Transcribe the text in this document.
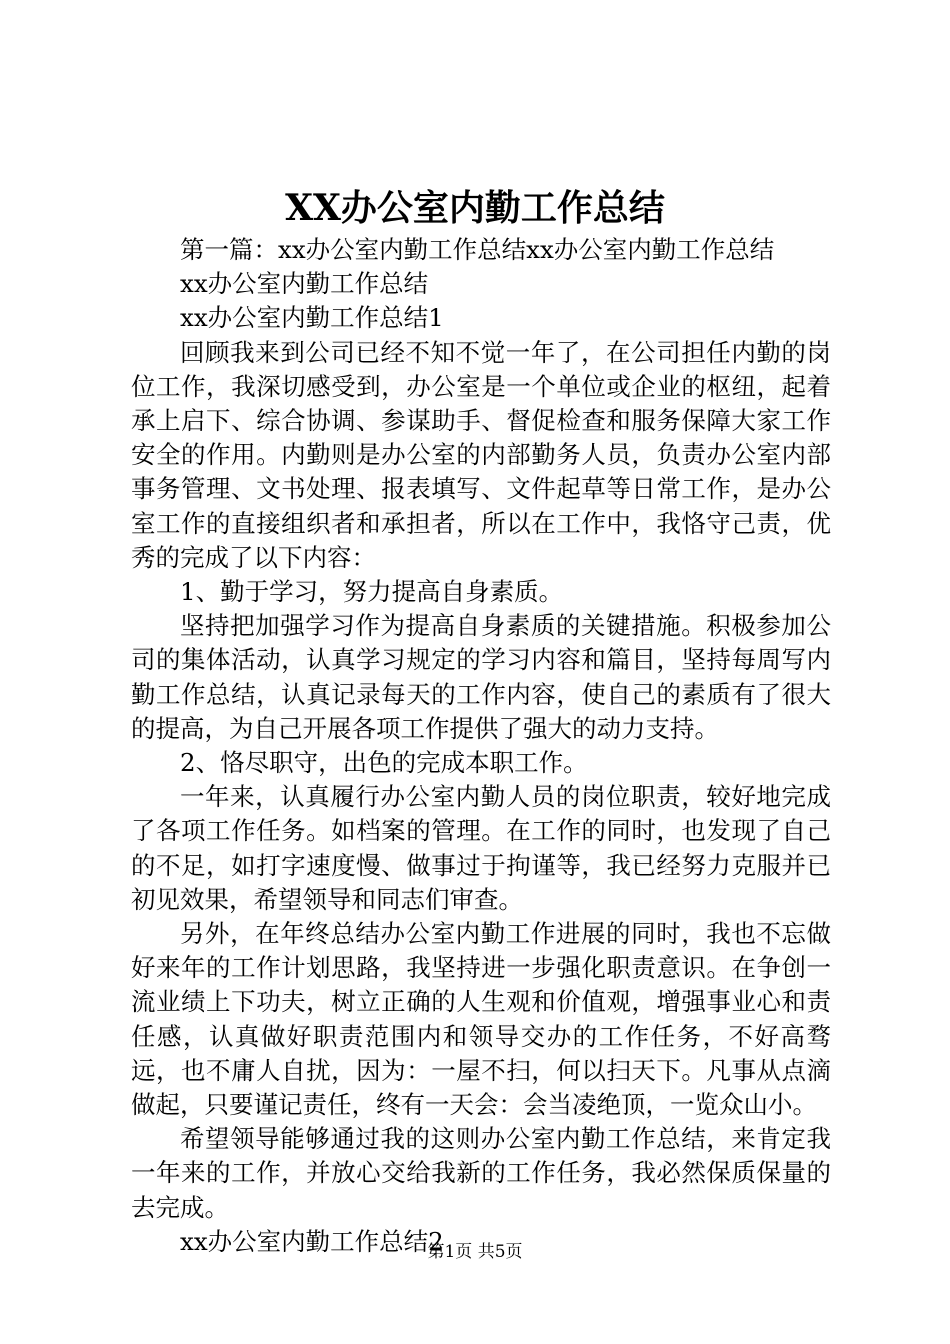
XX办公室内勤工作总结

第一篇：xx办公室内勤工作总结xx办公室内勤工作总结

xx办公室内勤工作总结

xx办公室内勤工作总结1

回顾我来到公司已经不知不觉一年了，在公司担任内勤的岗位工作，我深切感受到，办公室是一个单位或企业的枢纽，起着承上启下、综合协调、参谋助手、督促检查和服务保障大家工作安全的作用。内勤则是办公室的内部勤务人员，负责办公室内部事务管理、文书处理、报表填写、文件起草等日常工作，是办公室工作的直接组织者和承担者，所以在工作中，我恪守己责，优秀的完成了以下内容：

1、勤于学习，努力提高自身素质。

坚持把加强学习作为提高自身素质的关键措施。积极参加公司的集体活动，认真学习规定的学习内容和篇目，坚持每周写内勤工作总结，认真记录每天的工作内容，使自己的素质有了很大的提高，为自己开展各项工作提供了强大的动力支持。

2、恪尽职守，出色的完成本职工作。

一年来，认真履行办公室内勤人员的岗位职责，较好地完成了各项工作任务。如档案的管理。在工作的同时，也发现了自己的不足，如打字速度慢、做事过于拘谨等，我已经努力克服并已初见效果，希望领导和同志们审查。

另外，在年终总结办公室内勤工作进展的同时，我也不忘做好来年的工作计划思路，我坚持进一步强化职责意识。在争创一流业绩上下功夫，树立正确的人生观和价值观，增强事业心和责任感，认真做好职责范围内和领导交办的工作任务，不好高骛远，也不庸人自扰，因为：一屋不扫，何以扫天下。凡事从点滴做起，只要谨记责任，终有一天会：会当凌绝顶，一览众山小。

希望领导能够通过我的这则办公室内勤工作总结，来肯定我一年来的工作，并放心交给我新的工作任务，我必然保质保量的去完成。

xx办公室内勤工作总结2

第1页 共5页
